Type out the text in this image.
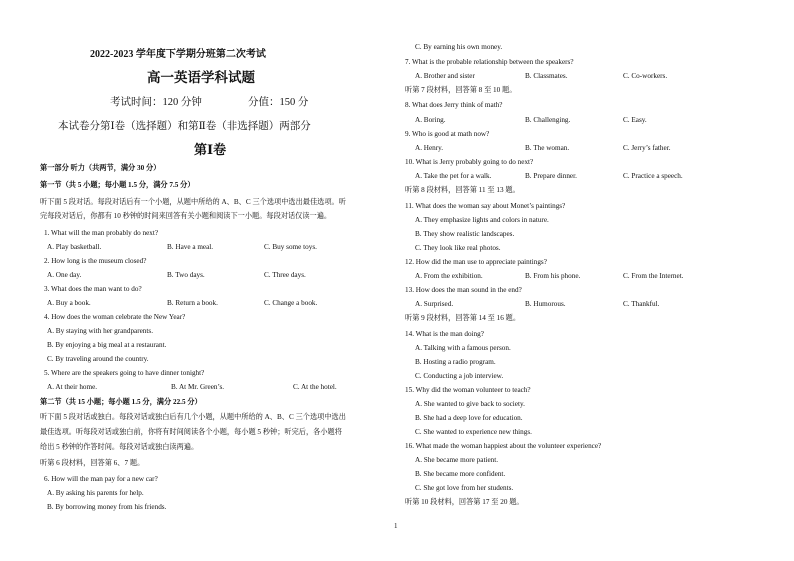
2022-2023 学年度下学期分班第二次考试
高一英语学科试题
考试时间：120 分钟	分值：150 分
本试卷分第Ⅰ卷（选择题）和第Ⅱ卷（非选择题）两部分
第Ⅰ卷
第一部分 听力（共两节，满分 30 分）
第一节（共 5 小题；每小题 1.5 分，满分 7.5 分）
听下面 5 段对话。每段对话后有一个小题，从题中所给的 A、B、C 三个选项中选出最佳选项。听
完每段对话后，你都有 10 秒钟的时间来回答有关小题和阅读下一小题。每段对话仅读一遍。
1. What will the man probably do next?
A. Play basketball.	B. Have a meal.	C. Buy some toys.
2. How long is the museum closed?
A. One day.	B. Two days.	C. Three days.
3. What does the man want to do?
A. Buy a book.	B. Return a book.	C. Change a book.
4. How does the woman celebrate the New Year?
A. By staying with her grandparents.
B. By enjoying a big meal at a restaurant.
C. By traveling around the country.
5. Where are the speakers going to have dinner tonight?
A. At their home.	B. At Mr. Green’s.	C. At the hotel.
第二节（共 15 小题；每小题 1.5 分，满分 22.5 分）
听下面 5 段对话或独白。每段对话或独白后有几个小题，从题中所给的 A、B、C 三个选项中选出
最佳选项。听每段对话或独白前，你将有时间阅读各个小题，每小题 5 秒钟；听完后，各小题将
给出 5 秒钟的作答时间。每段对话或独白读两遍。
听第 6 段材料，回答第 6、7 题。
6. How will the man pay for a new car?
A. By asking his parents for help.
B. By borrowing money from his friends.
C. By earning his own money.
7. What is the probable relationship between the speakers?
A. Brother and sister	B. Classmates.	C. Co-workers.
听第 7 段材料，回答第 8 至 10 题。
8. What does Jerry think of math?
A. Boring.	B. Challenging.	C. Easy.
9. Who is good at math now?
A. Henry.	B. The woman.	C. Jerry’s father.
10. What is Jerry probably going to do next?
A. Take the pet for a walk.	B. Prepare dinner.	C. Practice a speech.
听第 8 段材料，回答第 11 至 13 题。
11. What does the woman say about Monet’s paintings?
A. They emphasize lights and colors in nature.
B. They show realistic landscapes.
C. They look like real photos.
12. How did the man use to appreciate paintings?
A. From the exhibition.	B. From his phone.	C. From the Internet.
13. How does the man sound in the end?
A. Surprised.	B. Humorous.	C. Thankful.
听第 9 段材料，回答第 14 至 16 题。
14. What is the man doing?
A. Talking with a famous person.
B. Hosting a radio program.
C. Conducting a job interview.
15. Why did the woman volunteer to teach?
A. She wanted to give back to society.
B. She had a deep love for education.
C. She wanted to experience new things.
16. What made the woman happiest about the volunteer experience?
A. She became more patient.
B. She became more confident.
C. She got love from her students.
听第 10 段材料，回答第 17 至 20 题。
1
